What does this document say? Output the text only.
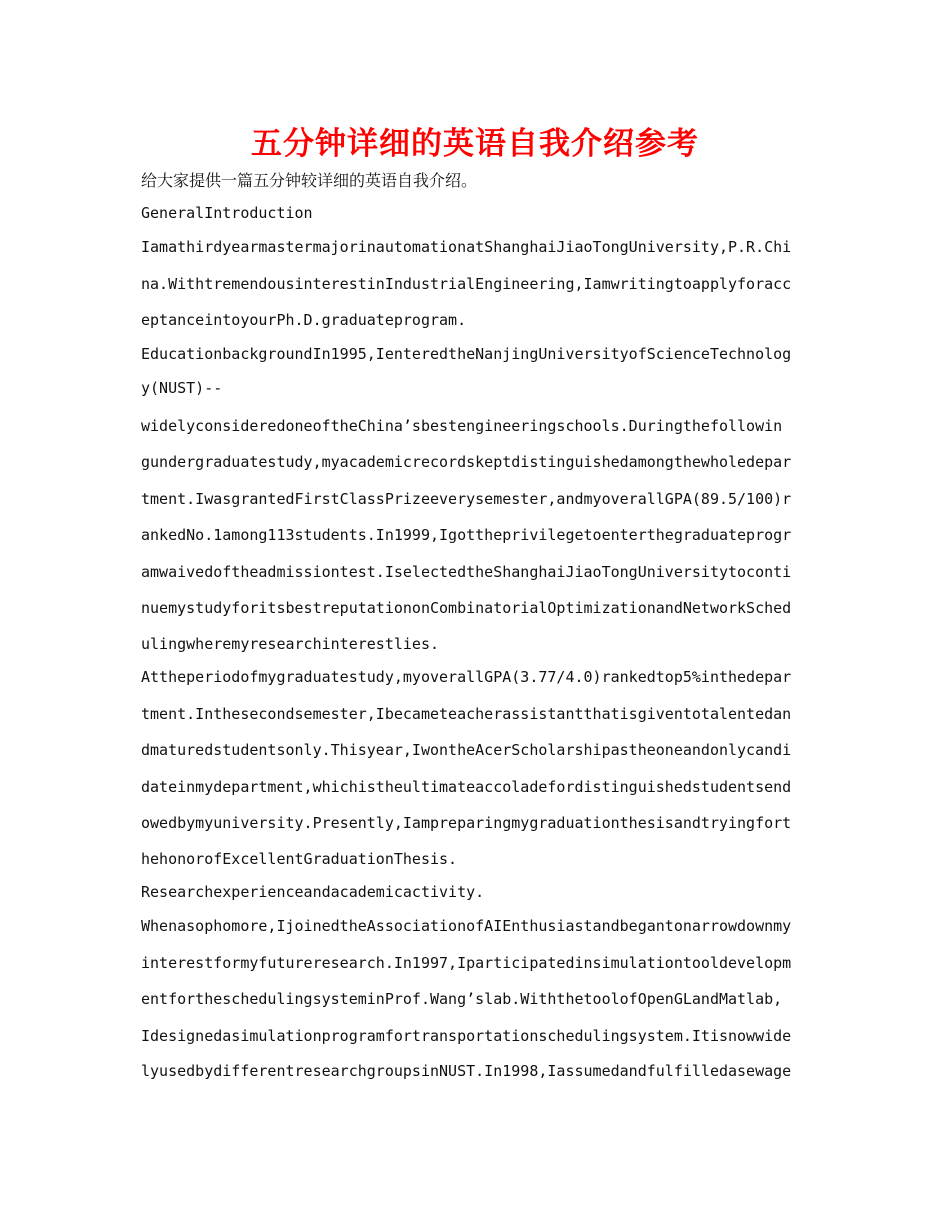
五分钟详细的英语自我介绍参考
给大家提供一篇五分钟较详细的英语自我介绍。
GeneralIntroduction
IamathirdyearmastermajorinautomationatShanghaiJiaoTongUniversity,P.R.Chi
na.WithtremendousinterestinIndustrialEngineering,Iamwritingtoapplyforacc
eptanceintoyourPh.D.graduateprogram.
EducationbackgroundIn1995,IenteredtheNanjingUniversityofScienceTechnolog
y(NUST)--
widelyconsideredoneoftheChina’sbestengineeringschools.Duringthefollowin
gundergraduatestudy,myacademicrecordskeptdistinguishedamongthewholedepar
tment.IwasgrantedFirstClassPrizeeverysemester,andmyoverallGPA(89.5/100)r
ankedNo.1among113students.In1999,Igottheprivilegetoenterthegraduateprogr
amwaivedoftheadmissiontest.IselectedtheShanghaiJiaoTongUniversitytoconti
nuemystudyforitsbestreputationonCombinatorialOptimizationandNetworkSched
ulingwheremyresearchinterestlies.
Attheperiodofmygraduatestudy,myoverallGPA(3.77/4.0)rankedtop5%inthedepar
tment.Inthesecondsemester,Ibecameteacherassistantthatisgiventotalentedan
dmaturedstudentsonly.Thisyear,IwontheAcerScholarshipastheoneandonlycandi
dateinmydepartment,whichistheultimateaccoladefordistinguishedstudentsend
owedbymyuniversity.Presently,Iampreparingmygraduationthesisandtryingfort
hehonorofExcellentGraduationThesis.
Researchexperienceandacademicactivity.
Whenasophomore,IjoinedtheAssociationofAIEnthusiastandbegantonarrowdownmy
interestformyfutureresearch.In1997,Iparticipatedinsimulationtooldevelopm
entfortheschedulingsysteminProf.Wang’slab.WiththetoolofOpenGLandMatlab,
Idesignedasimulationprogramfortransportationschedulingsystem.Itisnowwide
lyusedbydifferentresearchgroupsinNUST.In1998,Iassumedandfulfilledasewage
